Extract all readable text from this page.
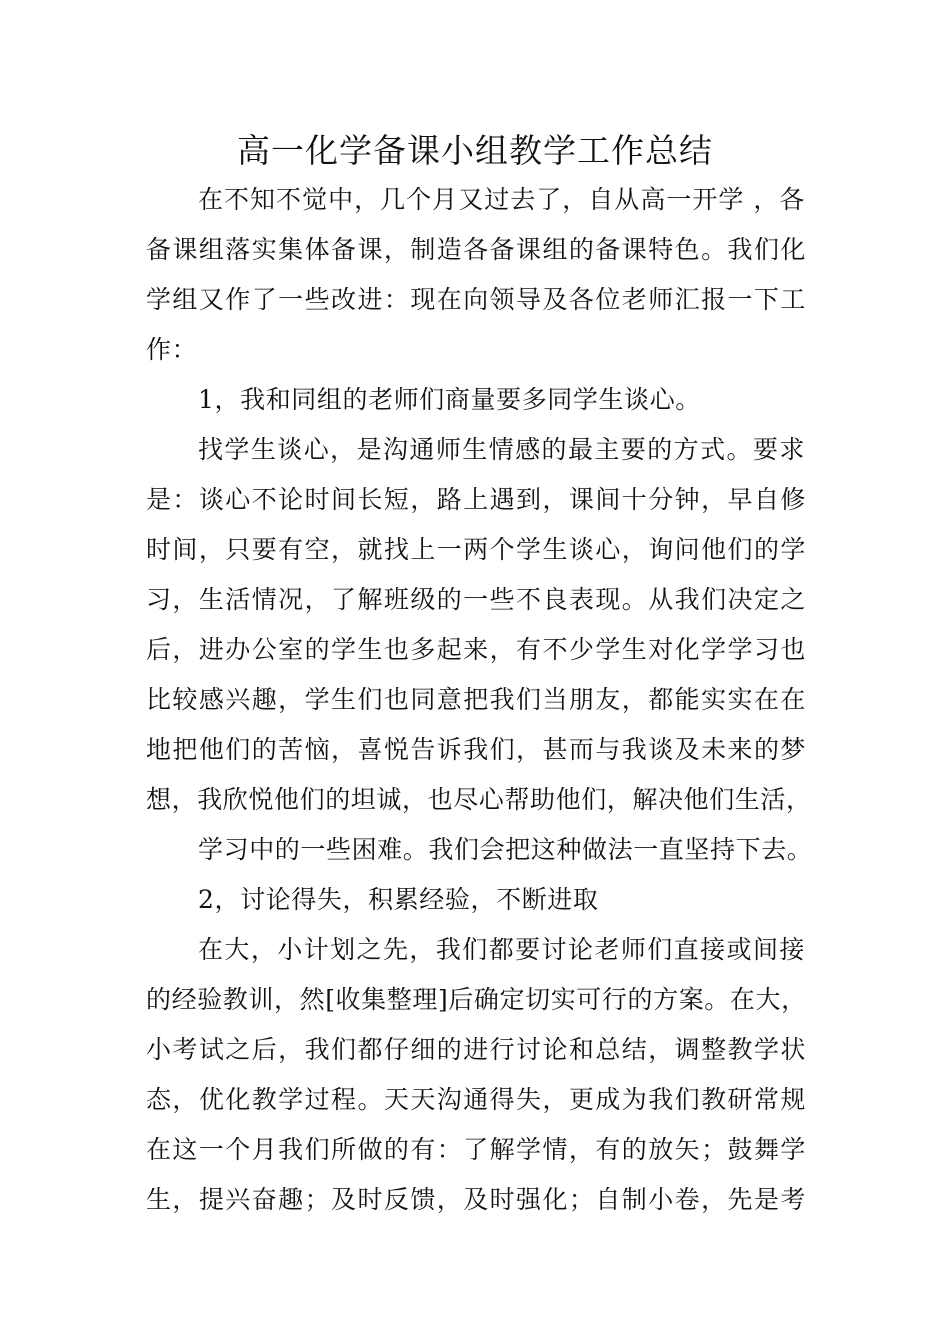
高一化学备课小组教学工作总结
在不知不觉中，几个月又过去了，自从高一开学 ，各
备课组落实集体备课，制造各备课组的备课特色。我们化
学组又作了一些改进：现在向领导及各位老师汇报一下工
作：
1，我和同组的老师们商量要多同学生谈心。
找学生谈心，是沟通师生情感的最主要的方式。要求
是：谈心不论时间长短，路上遇到，课间十分钟，早自修
时间，只要有空，就找上一两个学生谈心，询问他们的学
习，生活情况，了解班级的一些不良表现。从我们决定之
后，进办公室的学生也多起来，有不少学生对化学学习也
比较感兴趣，学生们也同意把我们当朋友，都能实实在在
地把他们的苦恼，喜悦告诉我们，甚而与我谈及未来的梦
想，我欣悦他们的坦诚，也尽心帮助他们，解决他们生活，
学习中的一些困难。我们会把这种做法一直坚持下去。
2，讨论得失，积累经验，不断进取
在大，小计划之先，我们都要讨论老师们直接或间接
的经验教训，然[收集整理]后确定切实可行的方案。在大，
小考试之后，我们都仔细的进行讨论和总结，调整教学状
态，优化教学过程。天天沟通得失，更成为我们教研常规
在这一个月我们所做的有：了解学情，有的放矢；鼓舞学
生，提兴奋趣；及时反馈，及时强化；自制小卷，先是考
